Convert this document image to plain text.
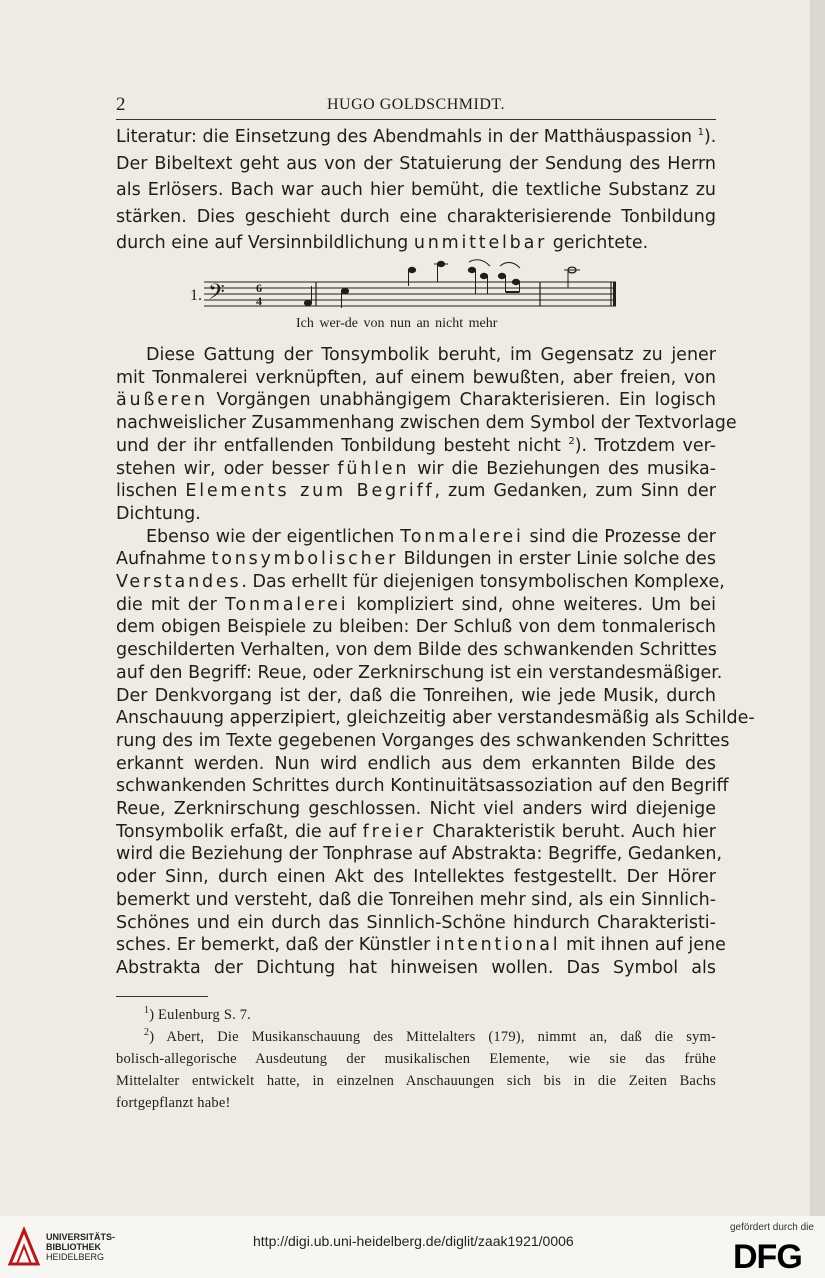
2	HUGO GOLDSCHMIDT.
Literatur: die Einsetzung des Abendmahls in der Matthäuspassion $^1$).
Der Bibeltext geht aus von der Statuierung der Sendung des Herrn
als Erlösers. Bach war auch hier bemüht, die textliche Substanz zu
stärken. Dies geschieht durch eine charakterisierende Tonbildung
durch eine auf Versinnbildlichung unmittelbar gerichtete.
Diese Gattung der Tonsymbolik beruht, im Gegensatz zu jener
mit Tonmalerei verknüpften, auf einem bewußten, aber freien, von
äußeren Vorgängen unabhängigem Charakterisieren. Ein logisch
nachweislicher Zusammenhang zwischen dem Symbol der Textvorlage
und der ihr entfallenden Tonbildung besteht nicht $^2$). Trotzdem ver-
stehen wir, oder besser fühlen wir die Beziehungen des musika-
lischen Elements zum Begriff, zum Gedanken, zum Sinn der
Dichtung.
Ebenso wie der eigentlichen Tonmalerei sind die Prozesse der
Aufnahme tonsymbolischer Bildungen in erster Linie solche des
Verstandes. Das erhellt für diejenigen tonsymbolischen Komplexe,
die mit der Tonmalerei kompliziert sind, ohne weiteres. Um bei
dem obigen Beispiele zu bleiben: Der Schluß von dem tonmalerisch
geschilderten Verhalten, von dem Bilde des schwankenden Schrittes
auf den Begriff: Reue, oder Zerknirschung ist ein verstandesmäßiger.
Der Denkvorgang ist der, daß die Tonreihen, wie jede Musik, durch
Anschauung apperzipiert, gleichzeitig aber verstandesmäßig als Schilde-
rung des im Texte gegebenen Vorganges des schwankenden Schrittes
erkannt werden. Nun wird endlich aus dem erkannten Bilde des
schwankenden Schrittes durch Kontinuitätsassoziation auf den Begriff
Reue, Zerknirschung geschlossen. Nicht viel anders wird diejenige
Tonsymbolik erfaßt, die auf freier Charakteristik beruht. Auch hier
wird die Beziehung der Tonphrase auf Abstrakta: Begriffe, Gedanken,
oder Sinn, durch einen Akt des Intellektes festgestellt. Der Hörer
bemerkt und versteht, daß die Tonreihen mehr sind, als ein Sinnlich-
Schönes und ein durch das Sinnlich-Schöne hindurch Charakteristi-
sches. Er bemerkt, daß der Künstler intentional mit ihnen auf jene
Abstrakta der Dichtung hat hinweisen wollen. Das Symbol als
1. 𝄢	6
4
Ich wer-de von nun an nicht mehr
$^1$) Eulenburg S. 7.
$^2$) Abert, Die Musikanschauung des Mittelalters (179), nimmt an, daß die sym-
bolisch-allegorische Ausdeutung der musikalischen Elemente, wie sie das frühe
Mittelalter entwickelt hatte, in einzelnen Anschauungen sich bis in die Zeiten Bachs
fortgepflanzt habe!
UNIVERSITÄTS-
BIBLIOTHEK
HEIDELBERG
http://digi.ub.uni-heidelberg.de/diglit/zaak1921/0006
gefördert durch die
DFG
